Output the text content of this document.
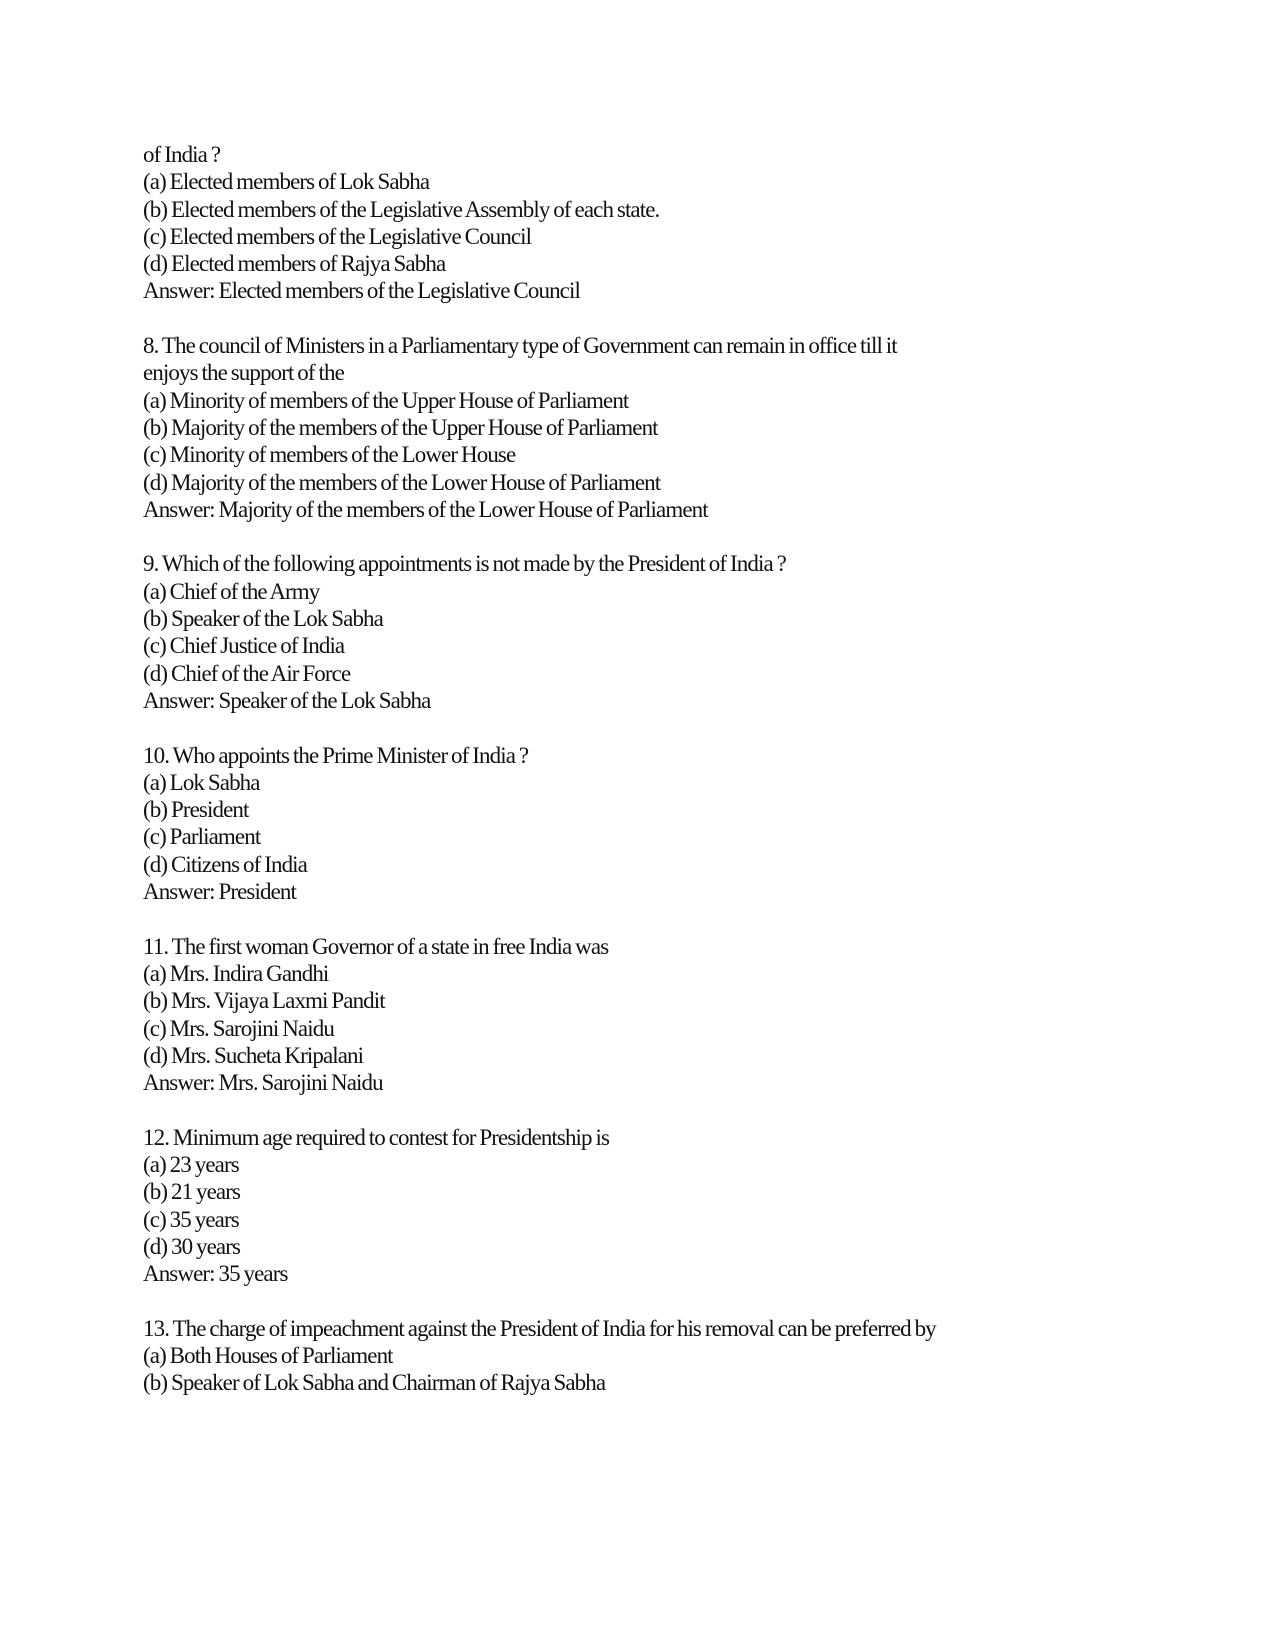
of India ?
(a) Elected members of Lok Sabha
(b) Elected members of the Legislative Assembly of each state.
(c) Elected members of the Legislative Council
(d) Elected members of Rajya Sabha
Answer: Elected members of the Legislative Council
8. The council of Ministers in a Parliamentary type of Government can remain in office till it
enjoys the support of the
(a) Minority of members of the Upper House of Parliament
(b) Majority of the members of the Upper House of Parliament
(c) Minority of members of the Lower House
(d) Majority of the members of the Lower House of Parliament
Answer: Majority of the members of the Lower House of Parliament
9. Which of the following appointments is not made by the President of India ?
(a) Chief of the Army
(b) Speaker of the Lok Sabha
(c) Chief Justice of India
(d) Chief of the Air Force
Answer: Speaker of the Lok Sabha
10. Who appoints the Prime Minister of India ?
(a) Lok Sabha
(b) President
(c) Parliament
(d) Citizens of India
Answer: President
11. The first woman Governor of a state in free India was
(a) Mrs. Indira Gandhi
(b) Mrs. Vijaya Laxmi Pandit
(c) Mrs. Sarojini Naidu
(d) Mrs. Sucheta Kripalani
Answer: Mrs. Sarojini Naidu
12. Minimum age required to contest for Presidentship is
(a) 23 years
(b) 21 years
(c) 35 years
(d) 30 years
Answer: 35 years
13. The charge of impeachment against the President of India for his removal can be preferred by
(a) Both Houses of Parliament
(b) Speaker of Lok Sabha and Chairman of Rajya Sabha
